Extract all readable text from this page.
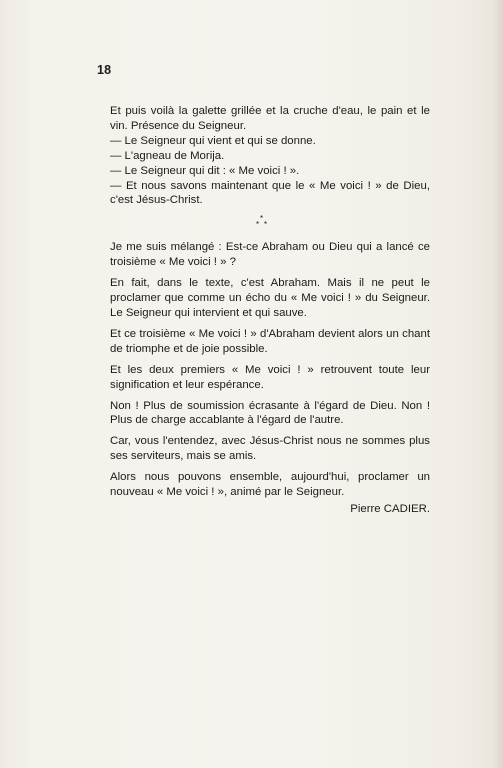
18

Et puis voilà la galette grillée et la cruche d'eau, le pain et le vin. Présence du Seigneur.

— Le Seigneur qui vient et qui se donne.

— L'agneau de Morija.

— Le Seigneur qui dit : « Me voici ! ».

— Et nous savons maintenant que le « Me voici ! » de Dieu, c'est Jésus-Christ.

*
* *

Je me suis mélangé : Est-ce Abraham ou Dieu qui a lancé ce troisième « Me voici ! » ?

En fait, dans le texte, c'est Abraham. Mais il ne peut le proclamer que comme un écho du « Me voici ! » du Seigneur. Le Seigneur qui intervient et qui sauve.

Et ce troisième « Me voici ! » d'Abraham devient alors un chant de triomphe et de joie possible.

Et les deux premiers « Me voici ! » retrouvent toute leur signification et leur espérance.

Non ! Plus de soumission écrasante à l'égard de Dieu. Non ! Plus de charge accablante à l'égard de l'autre.

Car, vous l'entendez, avec Jésus-Christ nous ne sommes plus ses serviteurs, mais se amis.

Alors nous pouvons ensemble, aujourd'hui, proclamer un nouveau « Me voici ! », animé par le Seigneur.

Pierre CADIER.
